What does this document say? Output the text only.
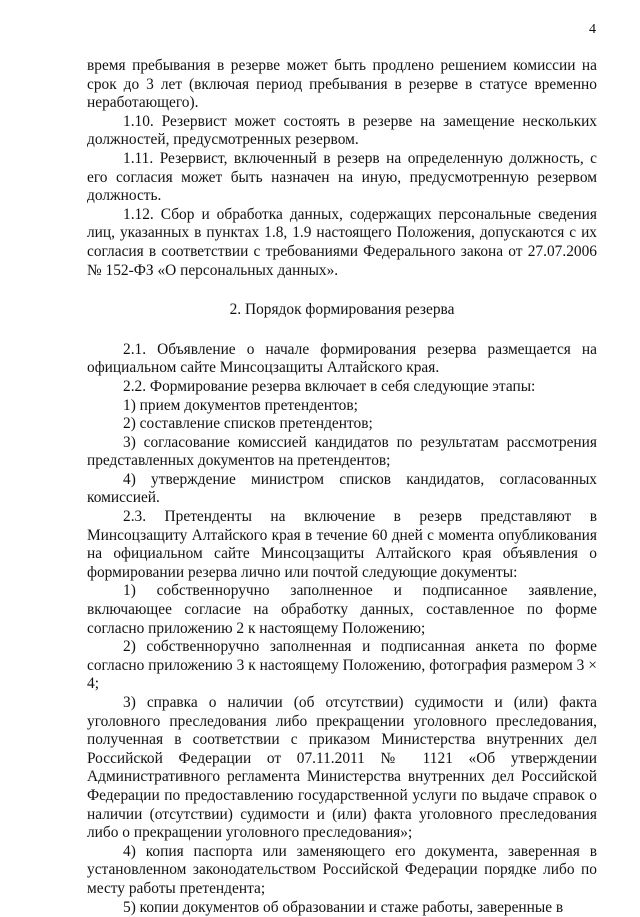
4

время пребывания в резерве может быть продлено решением комиссии на срок до 3 лет (включая период пребывания в резерве в статусе временно неработающего).

1.10. Резервист может состоять в резерве на замещение нескольких должностей, предусмотренных резервом.

1.11. Резервист, включенный в резерв на определенную должность, с его согласия может быть назначен на иную, предусмотренную резервом должность.

1.12. Сбор и обработка данных, содержащих персональные сведения лиц, указанных в пунктах 1.8, 1.9 настоящего Положения, допускаются с их согласия в соответствии с требованиями Федерального закона от 27.07.2006 № 152-ФЗ «О персональных данных».

2. Порядок формирования резерва

2.1. Объявление о начале формирования резерва размещается на официальном сайте Минсоцзащиты Алтайского края.

2.2. Формирование резерва включает в себя следующие этапы:

1) прием документов претендентов;

2) составление списков претендентов;

3) согласование комиссией кандидатов по результатам рассмотрения представленных документов на претендентов;

4) утверждение министром списков кандидатов, согласованных комиссией.

2.3. Претенденты на включение в резерв представляют в Минсоцзащиту Алтайского края в течение 60 дней с момента опубликования на официальном сайте Минсоцзащиты Алтайского края объявления о формировании резерва лично или почтой следующие документы:

1) собственноручно заполненное и подписанное заявление, включающее согласие на обработку данных, составленное по форме согласно приложению 2 к настоящему Положению;

2) собственноручно заполненная и подписанная анкета по форме согласно приложению 3 к настоящему Положению, фотография размером 3 × 4;

3) справка о наличии (об отсутствии) судимости и (или) факта уголовного преследования либо прекращении уголовного преследования, полученная в соответствии с приказом Министерства внутренних дел Российской Федерации от 07.11.2011 № 1121 «Об утверждении Административного регламента Министерства внутренних дел Российской Федерации по предоставлению государственной услуги по выдаче справок о наличии (отсутствии) судимости и (или) факта уголовного преследования либо о прекращении уголовного преследования»;

4) копия паспорта или заменяющего его документа, заверенная в установленном законодательством Российской Федерации порядке либо по месту работы претендента;

5) копии документов об образовании и стаже работы, заверенные в
